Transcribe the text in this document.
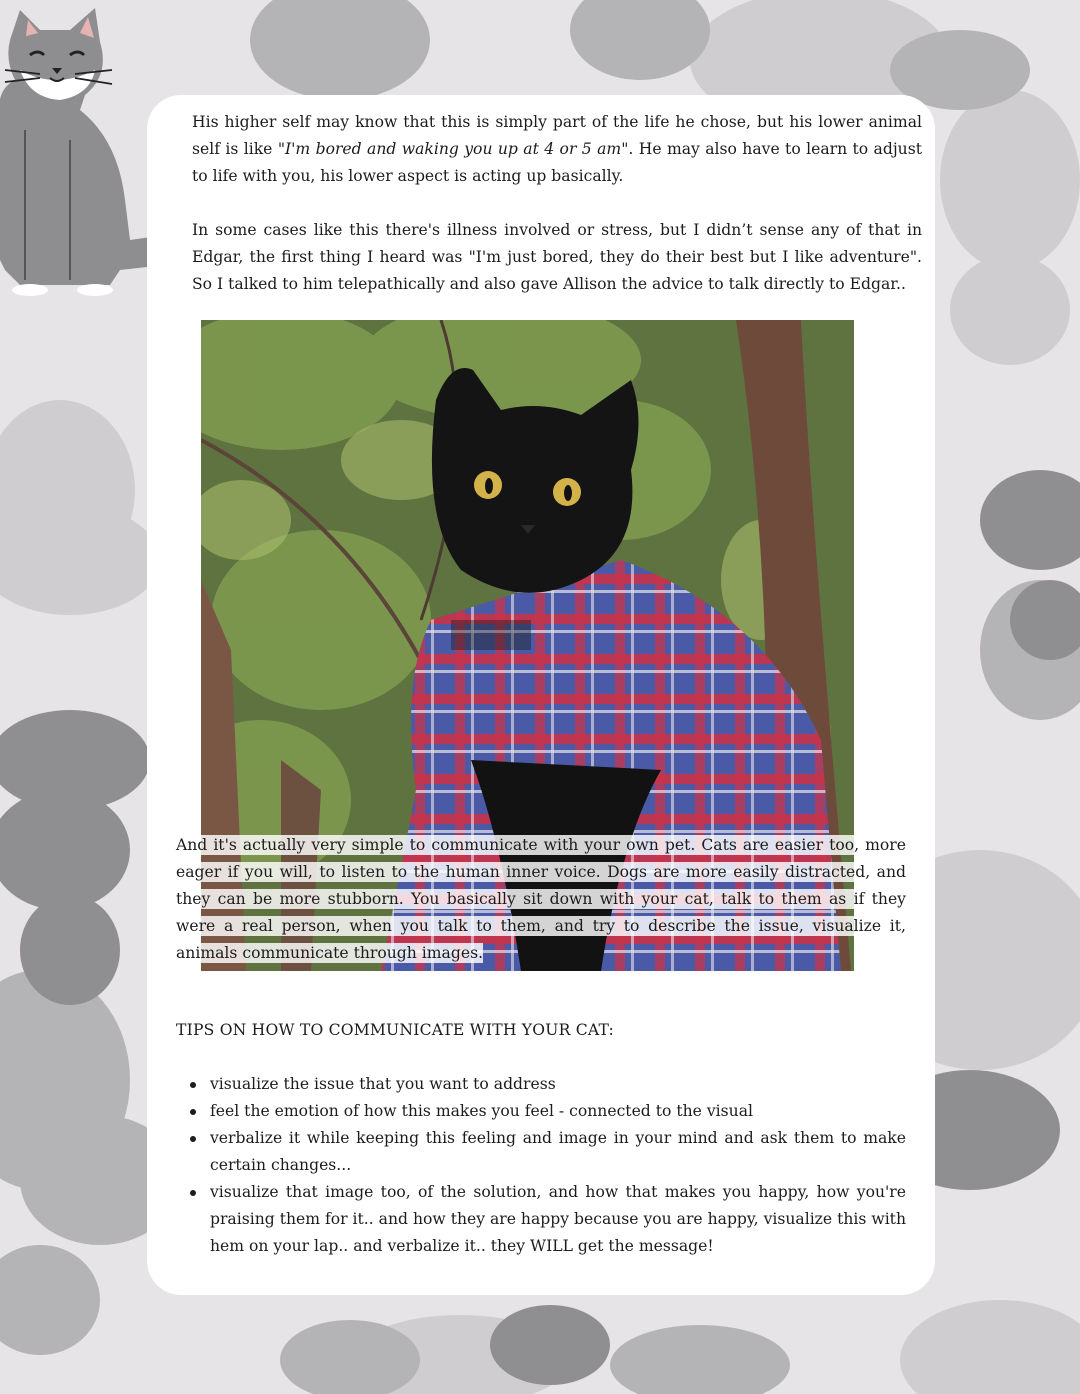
His higher self may know that this is simply part of the life he chose, but his lower animal self is like "I'm bored and waking you up at 4 or 5 am". He may also have to learn to adjust to life with you, his lower aspect is acting up basically.

In some cases like this there's illness involved or stress, but I didn’t sense any of that in Edgar, the first thing I heard was "I'm just bored, they do their best but I like adventure". So I talked to him telepathically and also gave Allison the advice to talk directly to Edgar..

And it's actually very simple to communicate with your own pet. Cats are easier too, more eager if you will, to listen to the human inner voice. Dogs are more easily distracted, and they can be more stubborn. You basically sit down with your cat, talk to them as if they were a real person, when you talk to them, and try to describe the issue, visualize it, animals communicate through images.

TIPS ON HOW TO COMMUNICATE WITH YOUR CAT:

visualize the issue that you want to address
feel the emotion of how this makes you feel - connected to the visual
verbalize it while keeping this feeling and image in your mind and ask them to make certain changes...
visualize that image too, of the solution, and how that makes you happy, how you're praising them for it.. and how they are happy because you are happy, visualize this with hem on your lap.. and verbalize it.. they WILL get the message!
